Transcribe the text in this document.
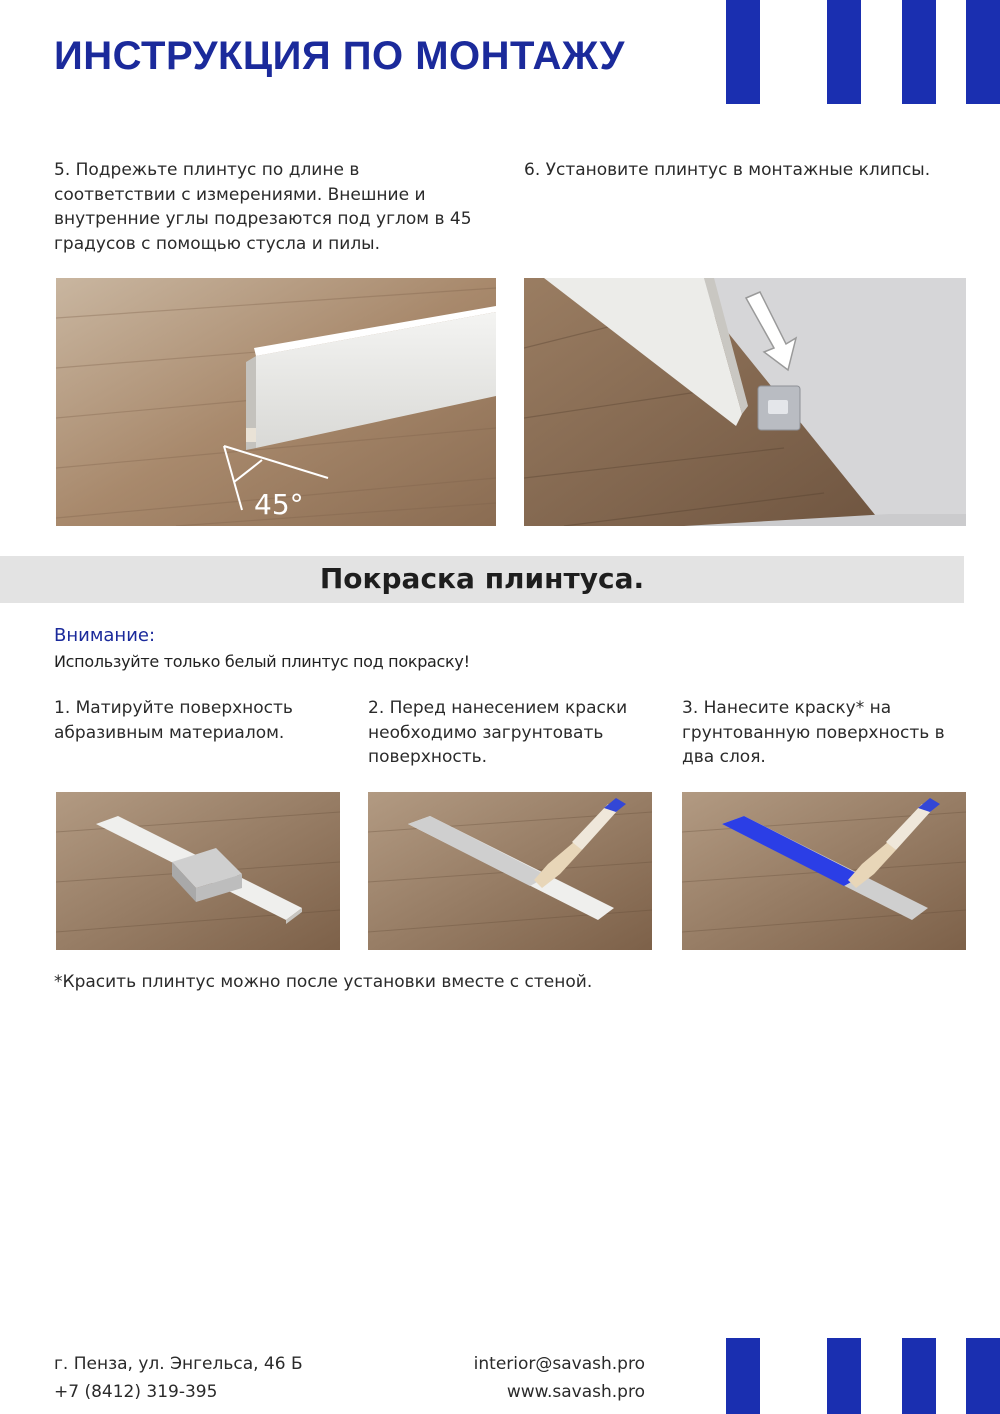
ИНСТРУКЦИЯ ПО МОНТАЖУ

5. Подрежьте плинтус по длине в соответствии с измерениями. Внешние и внутренние углы подрезаются под углом в 45 градусов с помощью стусла и пилы.

6. Установите плинтус в монтажные клипсы.

45°
Покраска плинтуса.

Внимание:

Используйте только белый плинтус под покраску!

1. Матируйте поверхность абразивным материалом.

2. Перед нанесением краски необходимо загрунтовать поверхность.

3. Нанесите краску* на грунтованную поверхность в два слоя.

*Красить плинтус можно после установки вместе с стеной.

г. Пенза, ул. Энгельса, 46 Б
+7 (8412) 319-395
interior@savash.pro
www.savash.pro
